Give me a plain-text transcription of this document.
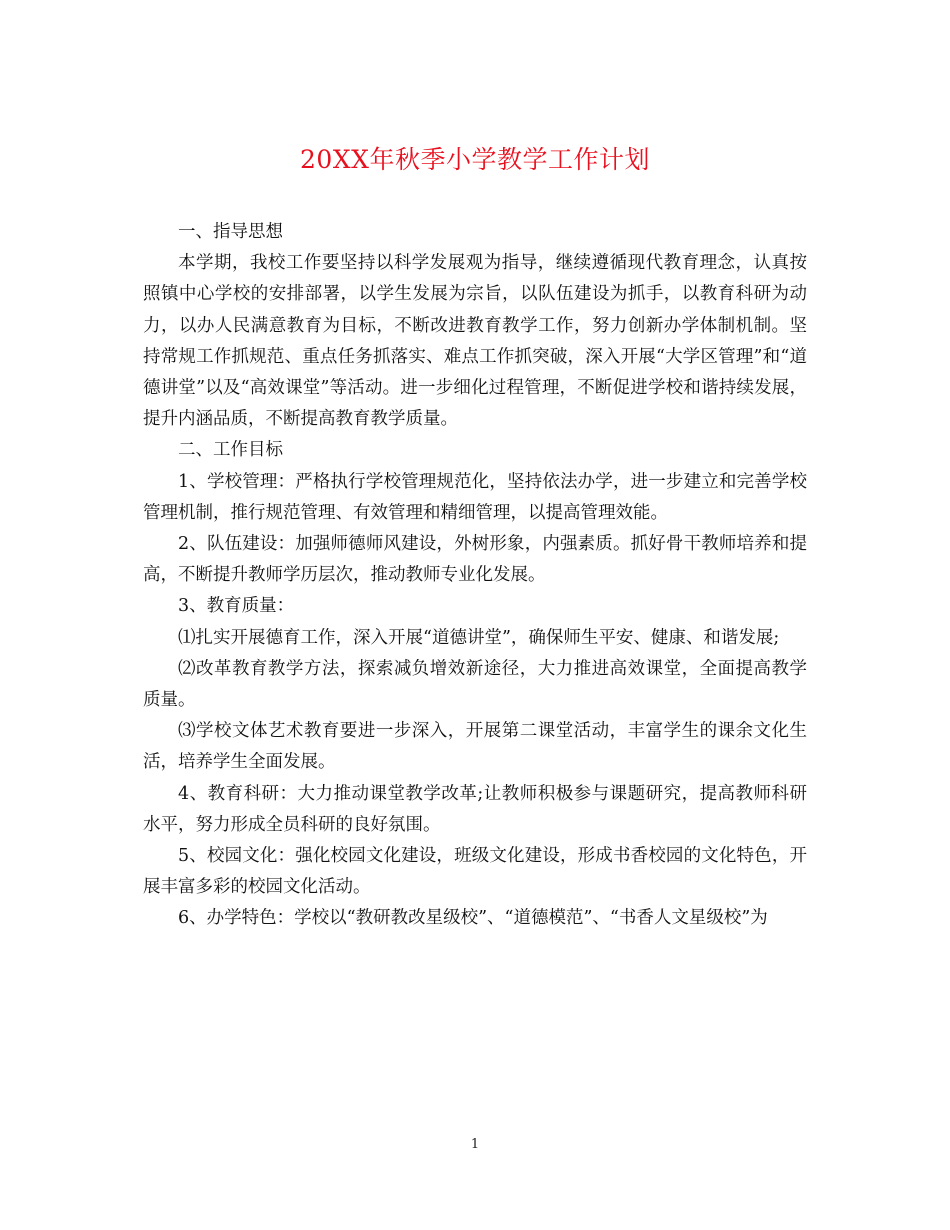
20XX年秋季小学教学工作计划

一、指导思想

本学期，我校工作要坚持以科学发展观为指导，继续遵循现代教育理念，认真按照镇中心学校的安排部署，以学生发展为宗旨，以队伍建设为抓手，以教育科研为动力，以办人民满意教育为目标，不断改进教育教学工作，努力创新办学体制机制。坚持常规工作抓规范、重点任务抓落实、难点工作抓突破，深入开展“大学区管理”和“道德讲堂”以及“高效课堂”等活动。进一步细化过程管理，不断促进学校和谐持续发展，提升内涵品质，不断提高教育教学质量。

二、工作目标

1、学校管理：严格执行学校管理规范化，坚持依法办学，进一步建立和完善学校管理机制，推行规范管理、有效管理和精细管理，以提高管理效能。

2、队伍建设：加强师德师风建设，外树形象，内强素质。抓好骨干教师培养和提高，不断提升教师学历层次，推动教师专业化发展。

3、教育质量：

⑴扎实开展德育工作，深入开展“道德讲堂”，确保师生平安、健康、和谐发展;

⑵改革教育教学方法，探索减负增效新途径，大力推进高效课堂，全面提高教学质量。

⑶学校文体艺术教育要进一步深入，开展第二课堂活动，丰富学生的课余文化生活，培养学生全面发展。

4、教育科研：大力推动课堂教学改革;让教师积极参与课题研究，提高教师科研水平，努力形成全员科研的良好氛围。

5、校园文化：强化校园文化建设，班级文化建设，形成书香校园的文化特色，开展丰富多彩的校园文化活动。

6、办学特色：学校以“教研教改星级校”、“道德模范”、“书香人文星级校”为

1
